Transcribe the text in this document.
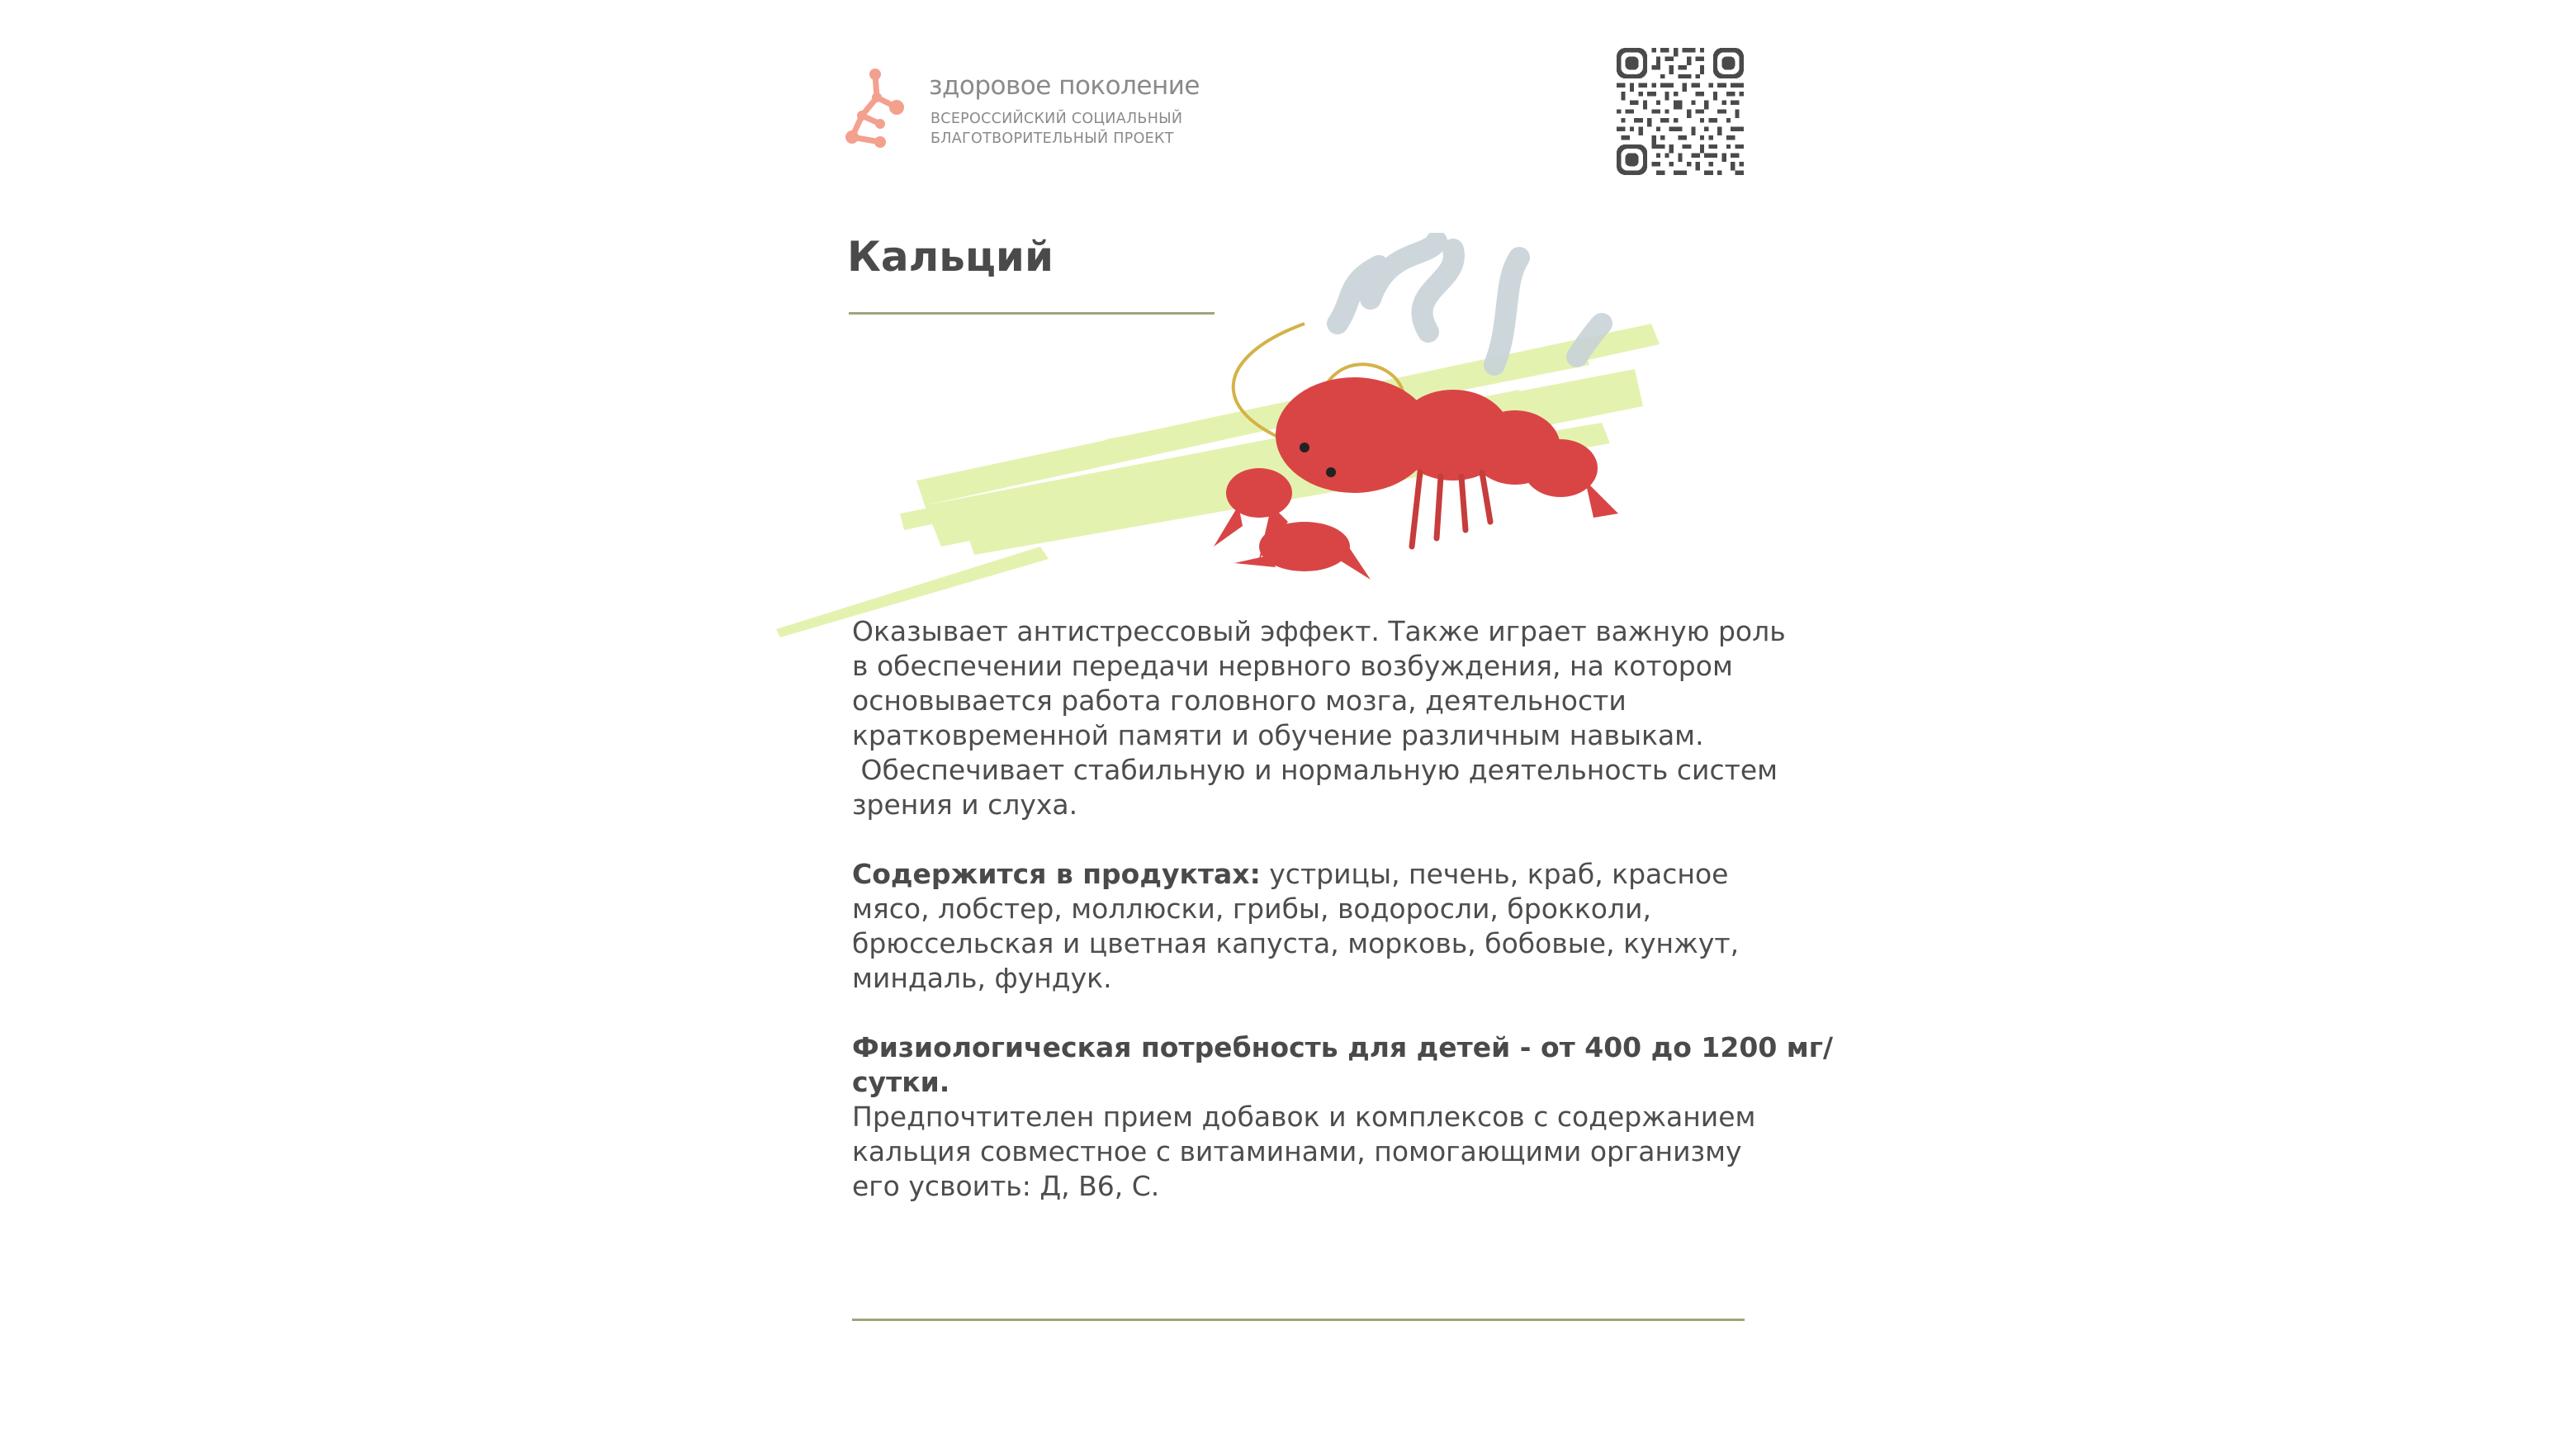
здоровое поколение
ВСЕРОССИЙСКИЙ СОЦИАЛЬНЫЙ
БЛАГОТВОРИТЕЛЬНЫЙ ПРОЕКТ
Кальций

Оказывает антистрессовый эффект. Также играет важную роль
в обеспечении передачи нервного возбуждения, на котором
основывается работа головного мозга, деятельности
кратковременной памяти и обучение различным навыкам.
Обеспечивает стабильную и нормальную деятельность систем
зрения и слуха.

Содержится в продуктах: устрицы, печень, краб, красное
мясо, лобстер, моллюски, грибы, водоросли, брокколи,
брюссельская и цветная капуста, морковь, бобовые, кунжут,
миндаль, фундук.

Физиологическая потребность для детей - от 400 до 1200 мг/
сутки.
Предпочтителен прием добавок и комплексов с содержанием
кальция совместное с витаминами, помогающими организму
его усвоить: Д, В6, С.
